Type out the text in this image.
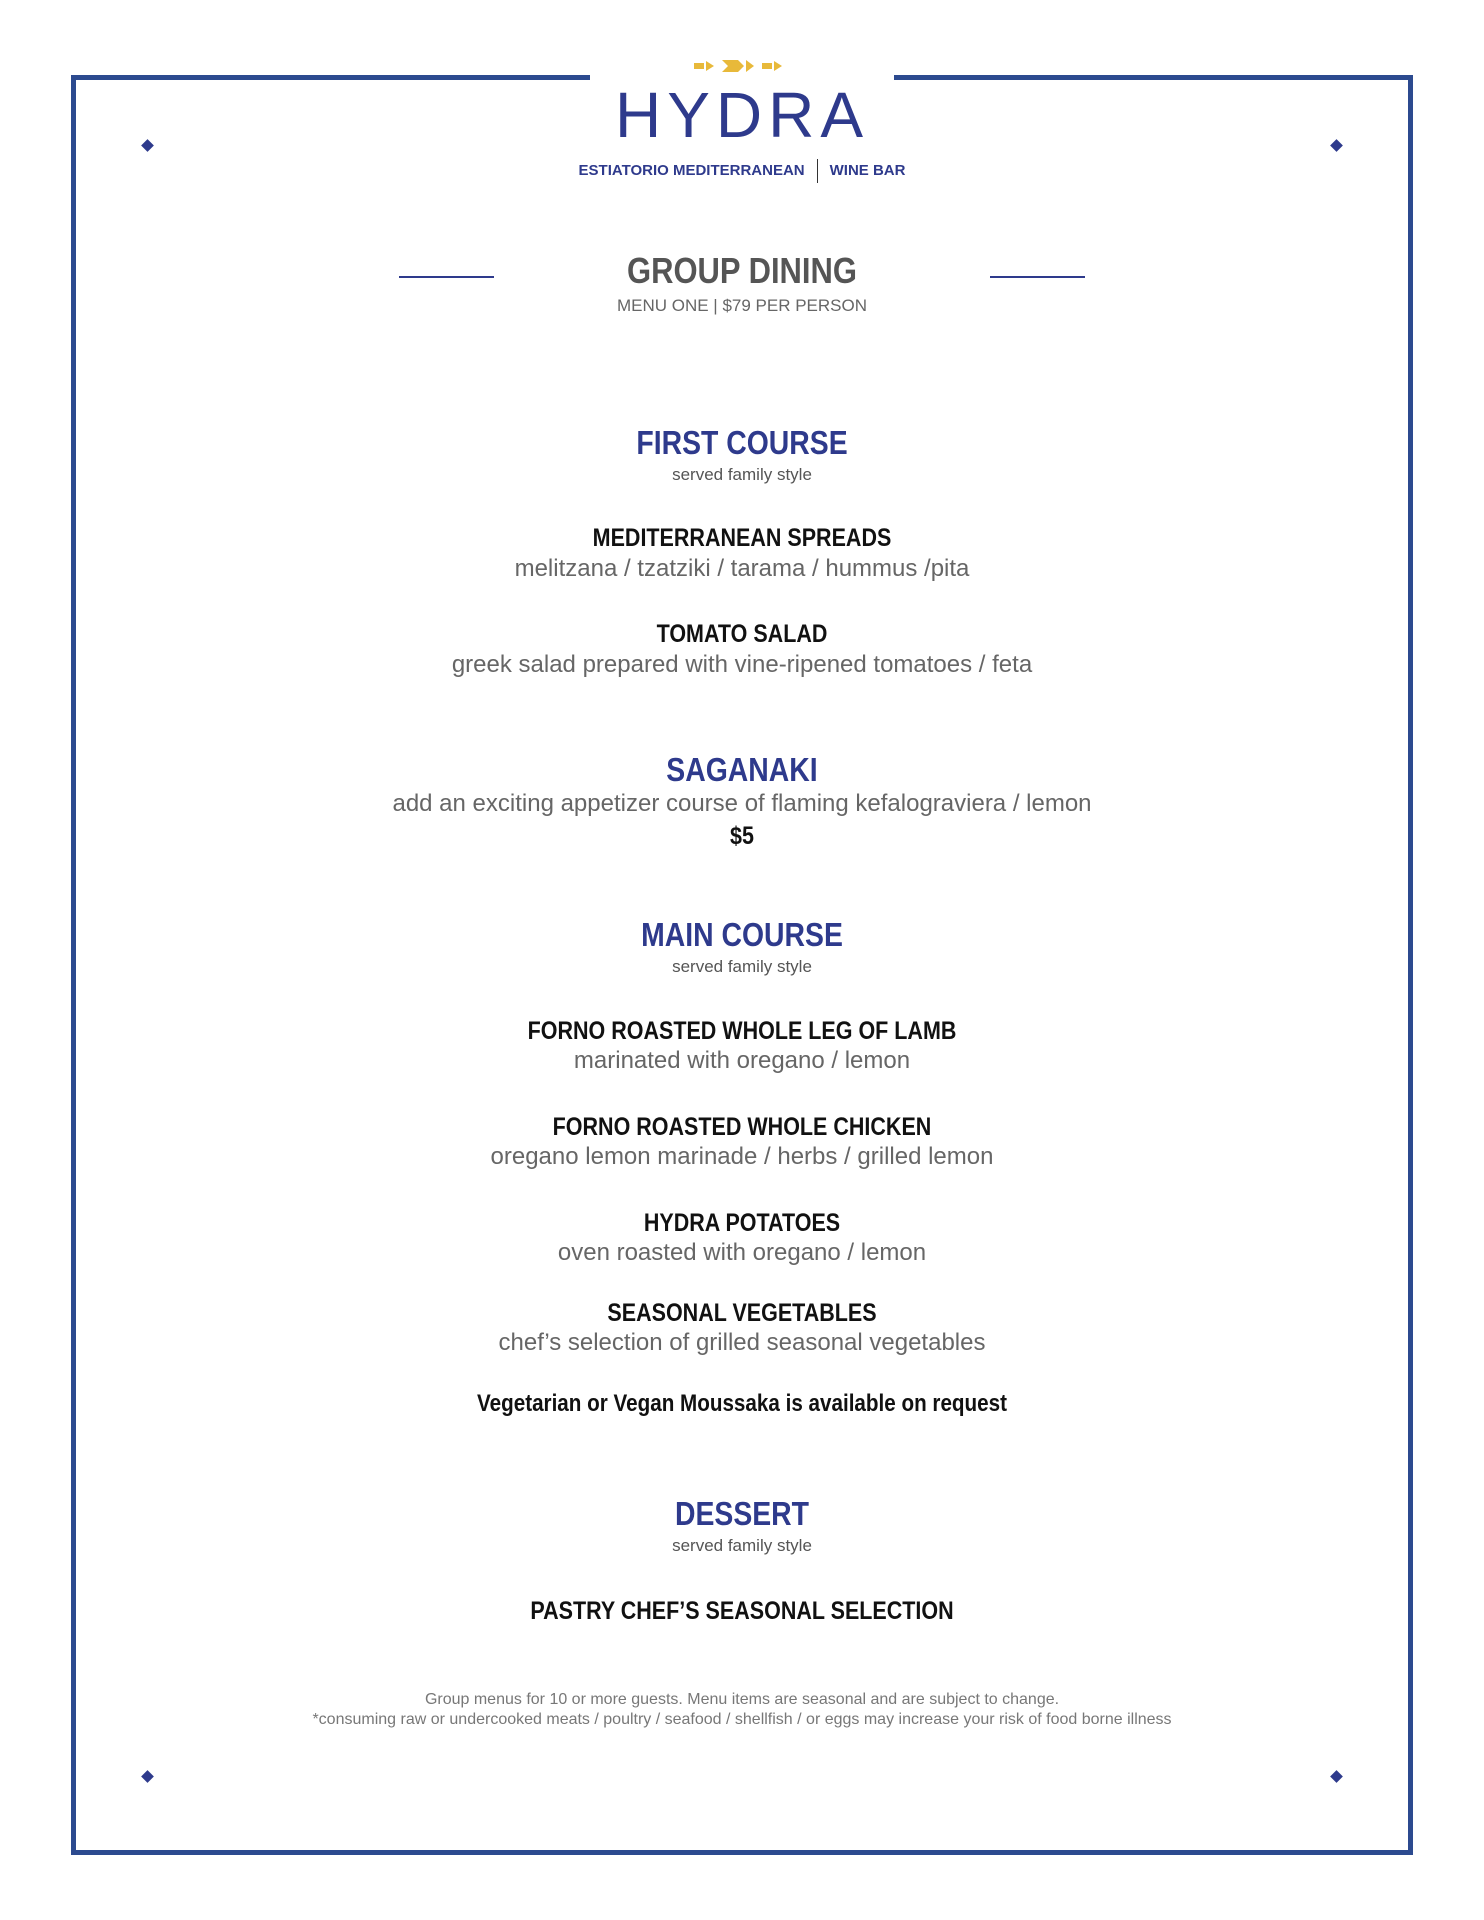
HYDRA
ESTIATORIO MEDITERRANEAN WINE BAR
GROUP DINING
MENU ONE | $79 PER PERSON
FIRST COURSE
served family style
MEDITERRANEAN SPREADS
melitzana / tzatziki / tarama / hummus /pita
TOMATO SALAD
greek salad prepared with vine-ripened tomatoes / feta
SAGANAKI
add an exciting appetizer course of flaming kefalograviera / lemon
$5
MAIN COURSE
served family style
FORNO ROASTED WHOLE LEG OF LAMB
marinated with oregano / lemon
FORNO ROASTED WHOLE CHICKEN
oregano lemon marinade / herbs / grilled lemon
HYDRA POTATOES
oven roasted with oregano / lemon
SEASONAL VEGETABLES
chef’s selection of grilled seasonal vegetables
Vegetarian or Vegan Moussaka is available on request
DESSERT
served family style
PASTRY CHEF’S SEASONAL SELECTION
Group menus for 10 or more guests. Menu items are seasonal and are subject to change.
*consuming raw or undercooked meats / poultry / seafood / shellfish / or eggs may increase your risk of food borne illness
